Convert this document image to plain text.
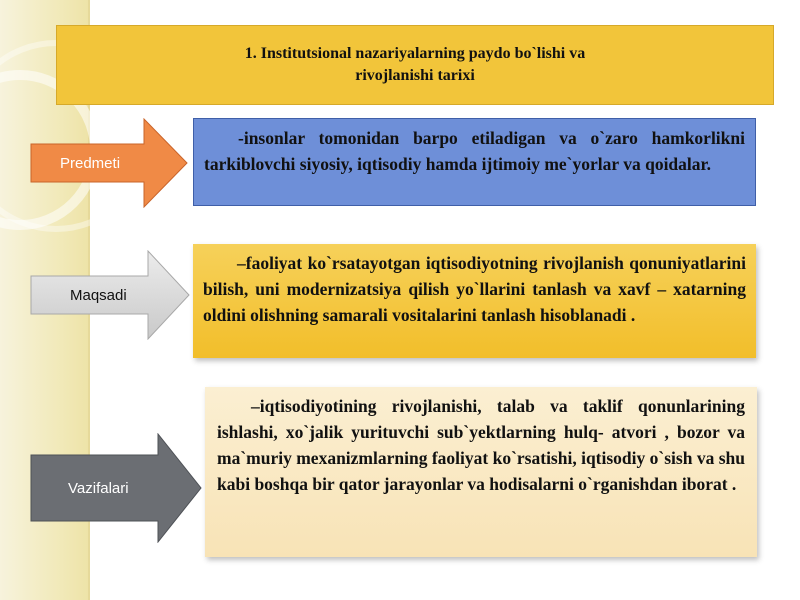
1. Institutsional nazariyalarning paydo bo`lishi va
rivojlanishi tarixi
Predmeti
Maqsadi
Vazifalari

-insonlar tomonidan barpo etiladigan va o`zaro hamkorlikni tarkiblovchi siyosiy, iqtisodiy hamda ijtimoiy me`yorlar va qoidalar.

–faoliyat ko`rsatayotgan iqtisodiyotning rivojlanish qonuniyatlarini bilish, uni modernizatsiya qilish yo`llarini tanlash va xavf – xatarning oldini olishning samarali vositalarini tanlash hisoblanadi .

–iqtisodiyotining rivojlanishi, talab va taklif qonunlarining ishlashi, xo`jalik yurituvchi sub`yektlarning hulq- atvori , bozor va ma`muriy mexanizmlarning faoliyat ko`rsatishi, iqtisodiy o`sish va shu kabi boshqa bir qator jarayonlar va hodisalarni o`rganishdan iborat .
